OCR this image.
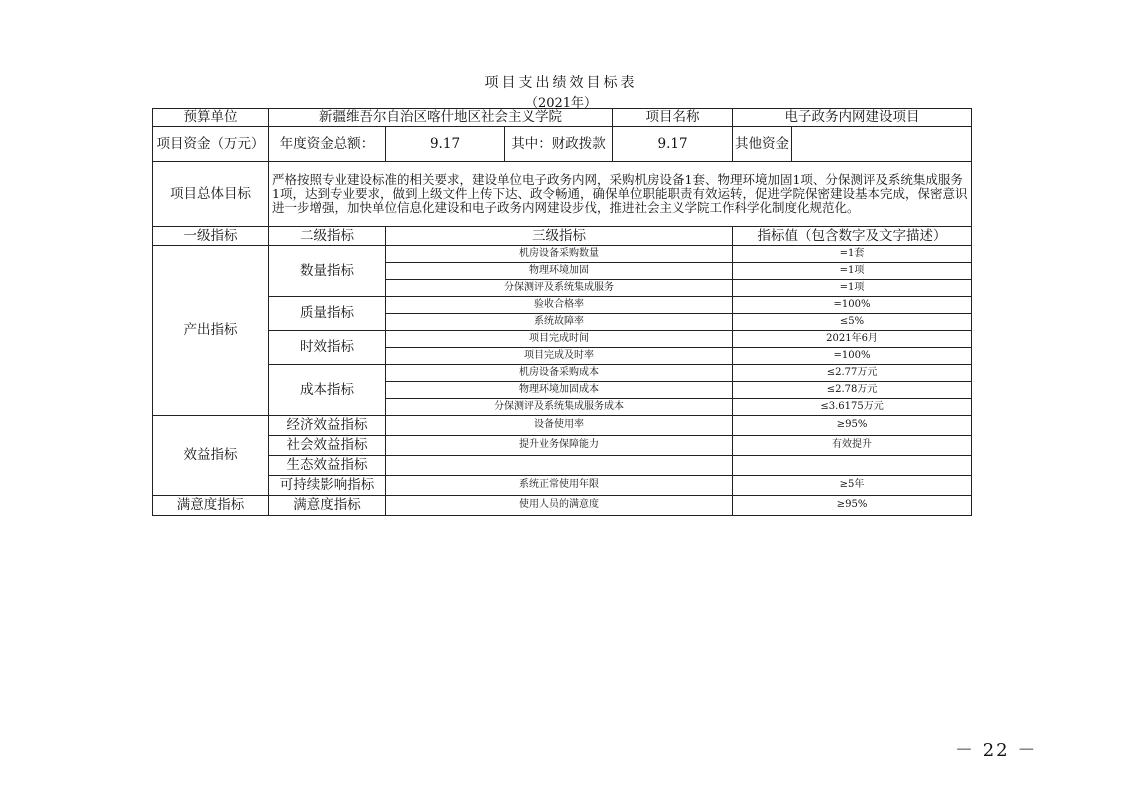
项目支出绩效目标表
（2021年）
预算单位	新疆维吾尔自治区喀什地区社会主义学院			项目名称	电子政务内网建设项目	
项目资金（万元）	年度资金总额：	9.17	其中：财政拨款	9.17	其他资金	
项目总体目标	严格按照专业建设标准的相关要求，建设单位电子政务内网，采购机房设备1套、物理环境加固1项、分保测评及系统集成服务1项，达到专业要求，做到上级文件上传下达、政令畅通，确保单位职能职责有效运转，促进学院保密建设基本完成，保密意识进一步增强，加快单位信息化建设和电子政务内网建设步伐，推进社会主义学院工作科学化制度化规范化。					
一级指标	二级指标	三级指标			指标值（包含数字及文字描述）	
产出指标	数量指标	机房设备采购数量			=1套	
		物理环境加固			=1项	
		分保测评及系统集成服务			=1项	
	质量指标	验收合格率			=100%	
		系统故障率			≤5%	
	时效指标	项目完成时间			2021年6月	
		项目完成及时率			=100%	
	成本指标	机房设备采购成本			≤2.77万元	
		物理环境加固成本			≤2.78万元	
		分保测评及系统集成服务成本			≤3.6175万元	
效益指标	经济效益指标	设备使用率			≥95%	
	社会效益指标	提升业务保障能力			有效提升	
	生态效益指标					
	可持续影响指标	系统正常使用年限			≥5年	
满意度指标	满意度指标	使用人员的满意度			≥95%	
－ 22 －
